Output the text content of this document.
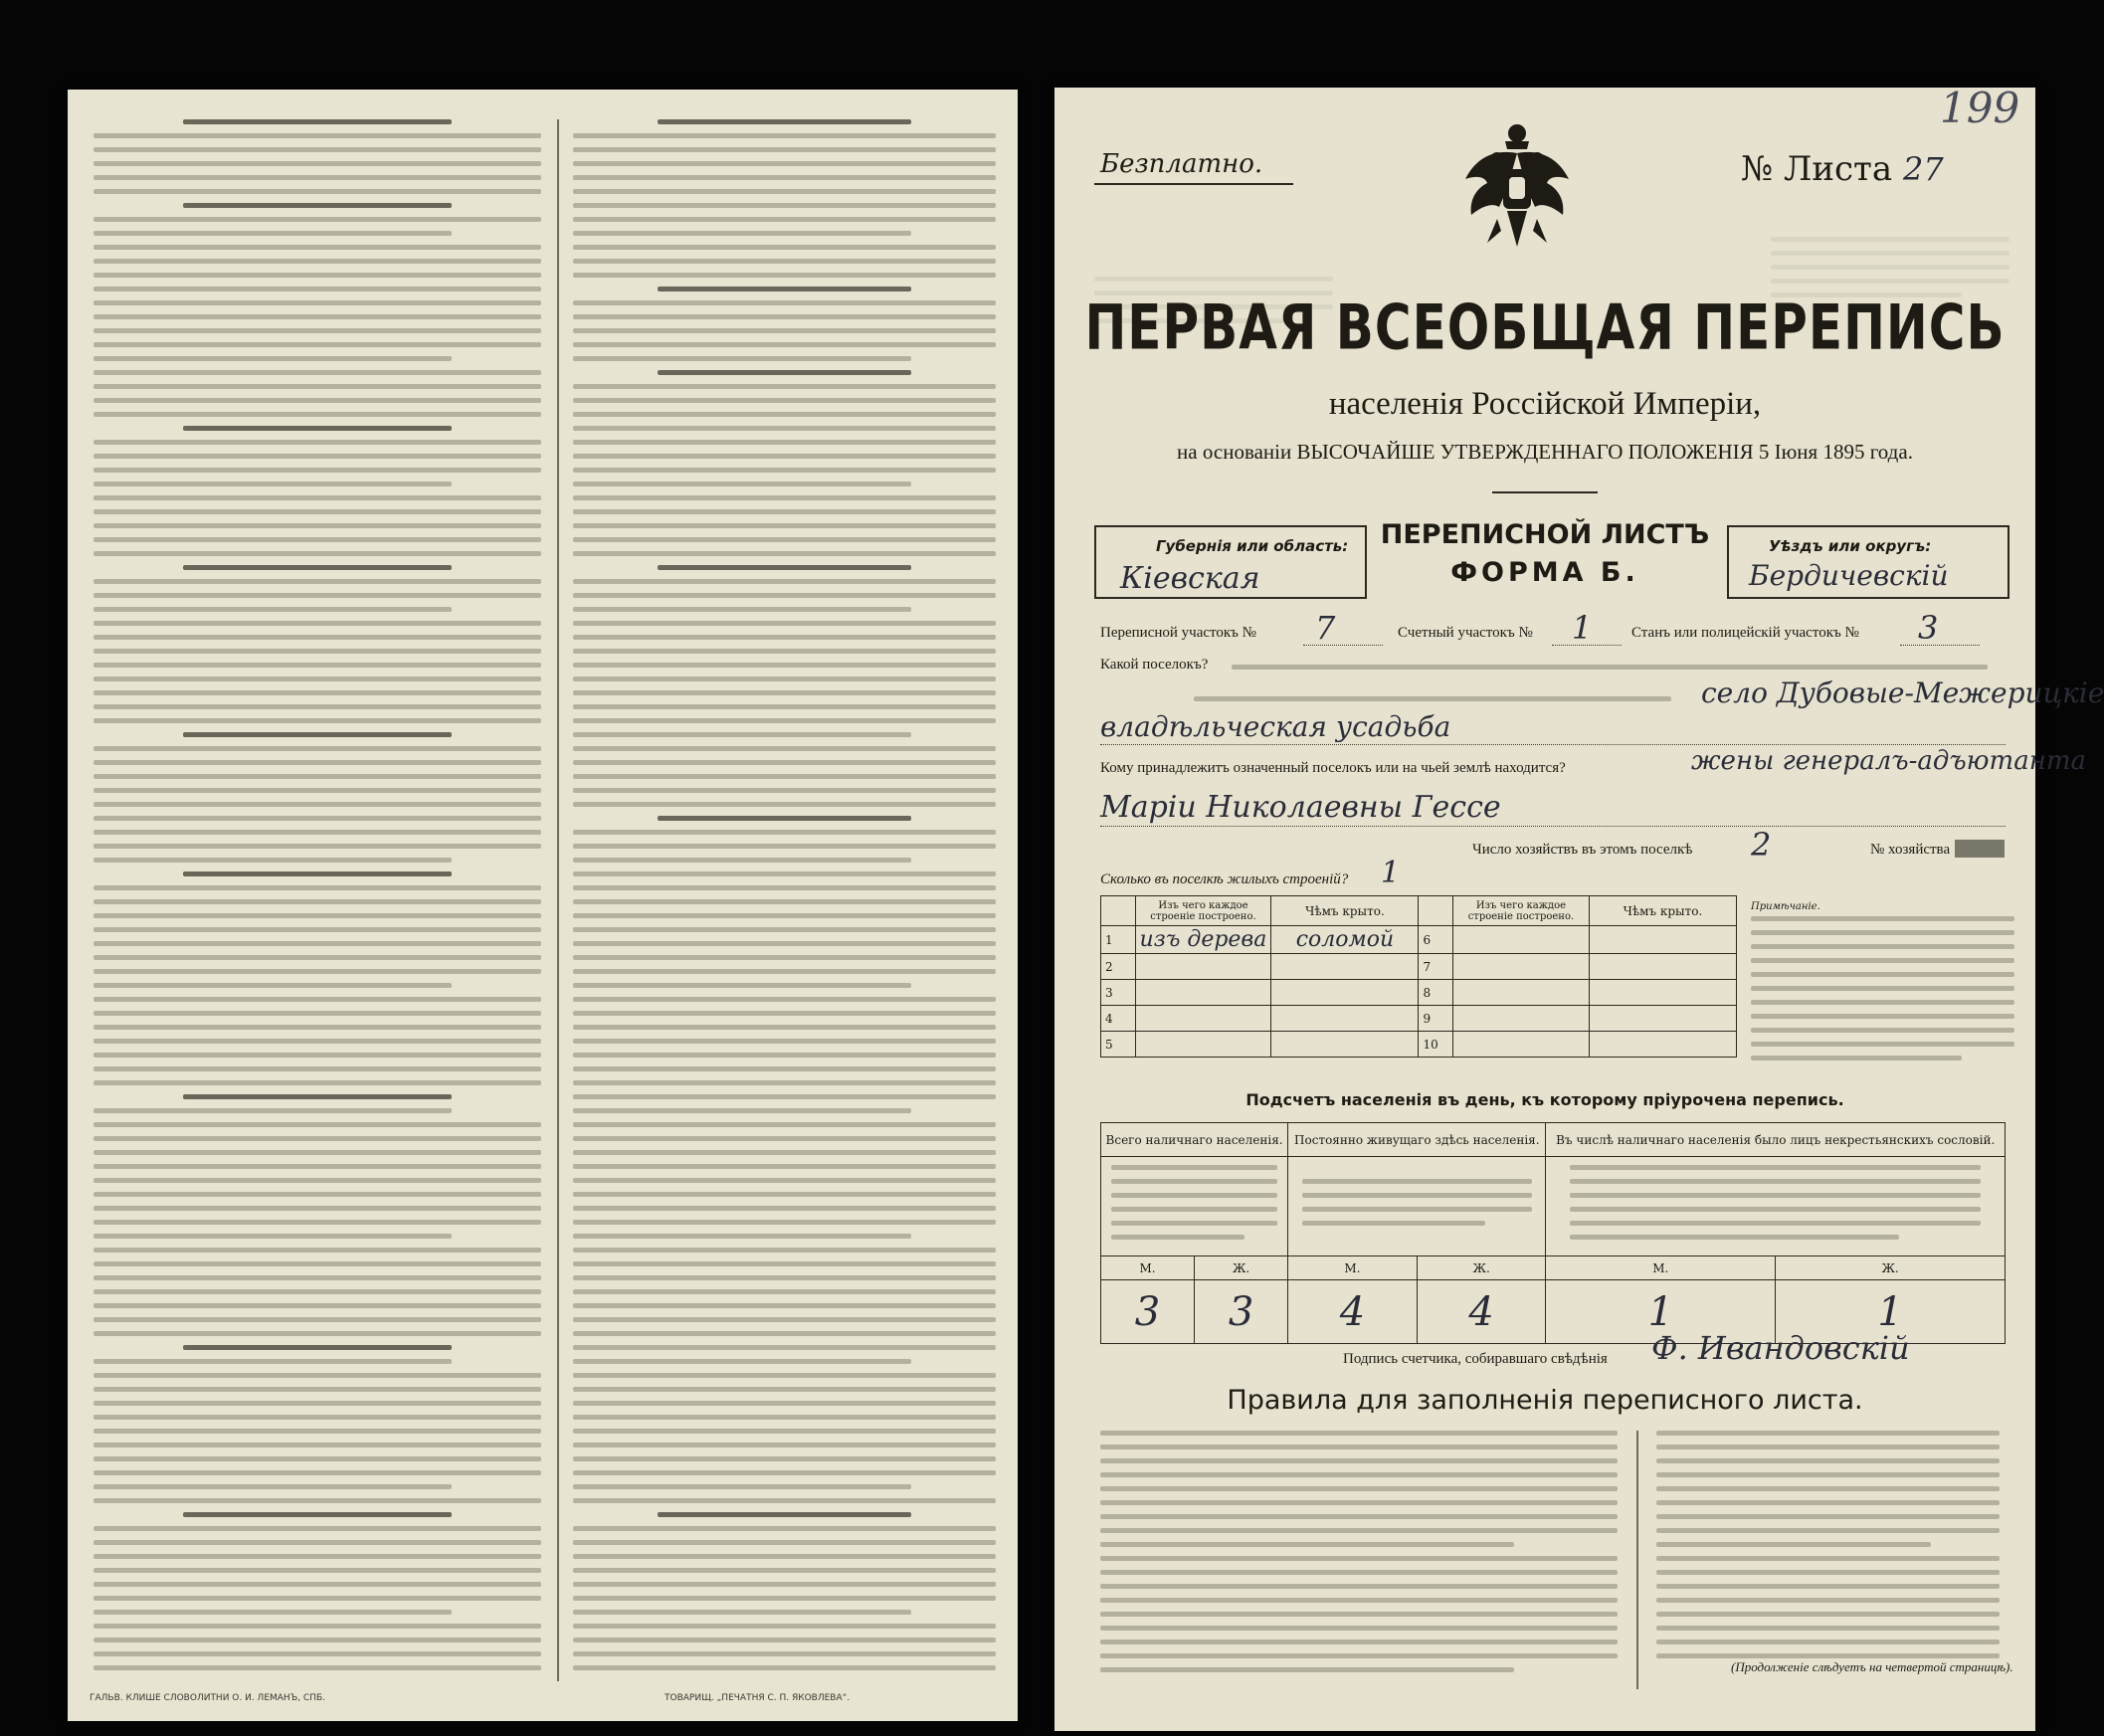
ГАЛЬВ. КЛИШЕ СЛОВОЛИТНИ О. И. ЛЕМАНЪ, СПБ.	ТОВАРИЩ. „ПЕЧАТНЯ С. П. ЯКОВЛЕВА“.
Безплатно.	№ Листа 27
199
ПЕРВАЯ ВСЕОБЩАЯ ПЕРЕПИСЬ
населенія Россійской Имперіи,
на основаніи ВЫСОЧАЙШЕ УТВЕРЖДЕННАГО ПОЛОЖЕНІЯ 5 Іюня 1895 года.
Губернія или область:
Кіевская
ПЕРЕПИСНОЙ ЛИСТЪ
ФОРМА Б.
Уѣздъ или округъ:
Бердичевскій
Переписной участокъ № 7	Счетный участокъ № 1	Станъ или полицейскій участокъ № 3
Какой поселокъ?
село Дубовые-Межерицкіе
владѣльческая усадьба
Кому принадлежитъ означенный поселокъ или на чьей землѣ находится?	жены генералъ-адъютанта
Маріи Николаевны Гессе
Число хозяйствъ въ этомъ поселкѣ 2	№ хозяйства
Сколько въ поселкѣ жилыхъ строеній? 1
	Изъ чего каждое строеніе построено.	Чѣмъ крыто.		Изъ чего каждое строеніе построено.	Чѣмъ крыто.
1	изъ дерева	соломой	6		
2			7		
3			8		
4			9		
5			10		
Примѣчаніе.
Подсчетъ населенія въ день, къ которому пріурочена перепись.
Всего наличнаго населенія.		Постоянно живущаго здѣсь населенія.		Въ числѣ наличнаго населенія было лицъ некрестьянскихъ сословій.	

М.	Ж.	М.	Ж.	М.	Ж.
3	3	4	4	1	1
Подпись счетчика, собиравшаго свѣдѣнія Ф. Ивандовскій
Правила для заполненія переписного листа.
(Продолженіе слѣдуетъ на четвертой страницѣ).
